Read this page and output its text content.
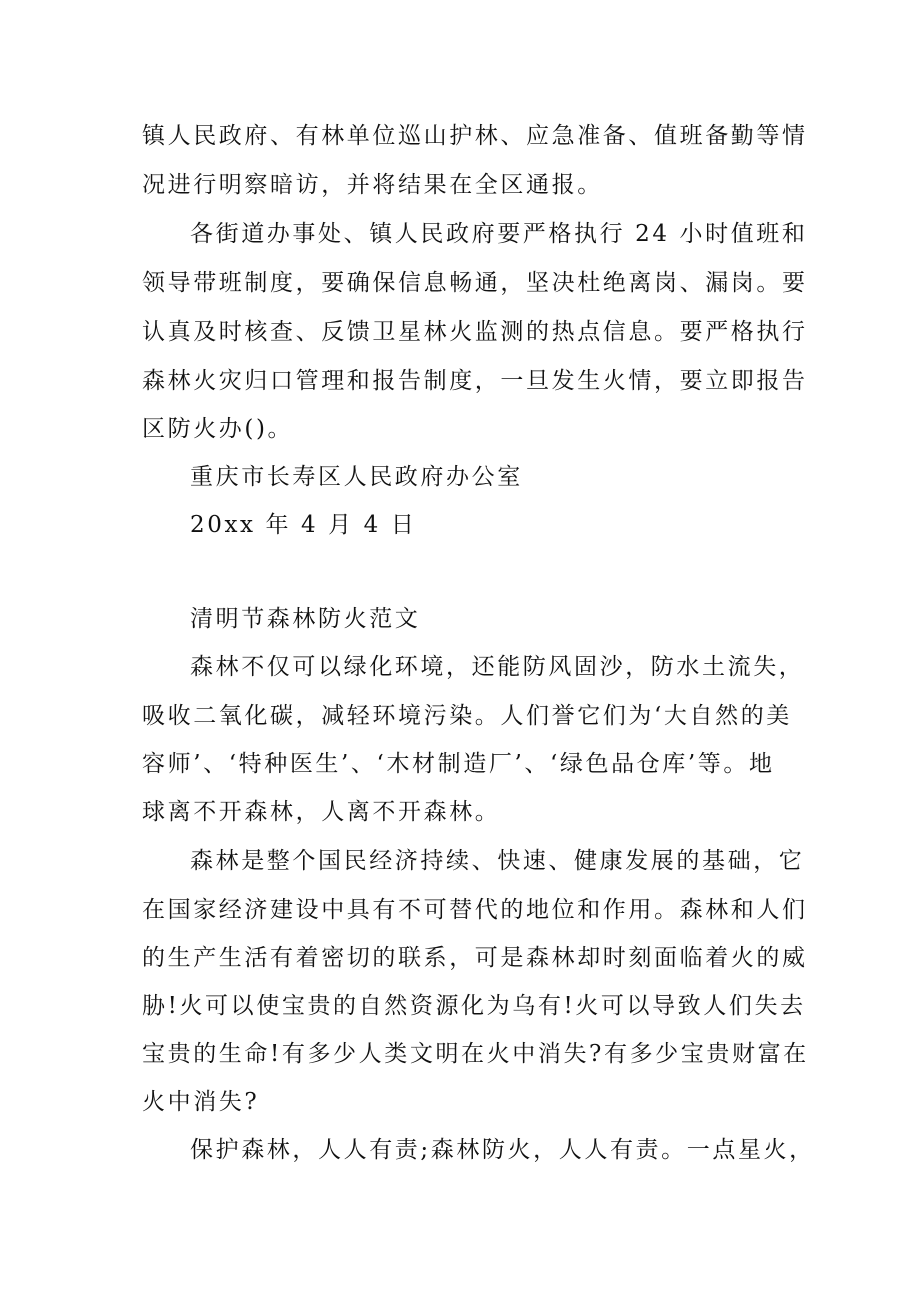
镇人民政府、有林单位巡山护林、应急准备、值班备勤等情
况进行明察暗访，并将结果在全区通报。
各街道办事处、镇人民政府要严格执行 24 小时值班和
领导带班制度，要确保信息畅通，坚决杜绝离岗、漏岗。要
认真及时核查、反馈卫星林火监测的热点信息。要严格执行
森林火灾归口管理和报告制度，一旦发生火情，要立即报告
区防火办()。
重庆市长寿区人民政府办公室
20xx 年 4 月 4 日
清明节森林防火范文
森林不仅可以绿化环境，还能防风固沙，防水土流失，
吸收二氧化碳，减轻环境污染。人们誉它们为‘大自然的美
容师’、‘特种医生’、‘木材制造厂’、‘绿色品仓库’等。地
球离不开森林，人离不开森林。
森林是整个国民经济持续、快速、健康发展的基础，它
在国家经济建设中具有不可替代的地位和作用。森林和人们
的生产生活有着密切的联系，可是森林却时刻面临着火的威
胁!火可以使宝贵的自然资源化为乌有!火可以导致人们失去
宝贵的生命!有多少人类文明在火中消失?有多少宝贵财富在
火中消失?
保护森林，人人有责;森林防火，人人有责。一点星火，
